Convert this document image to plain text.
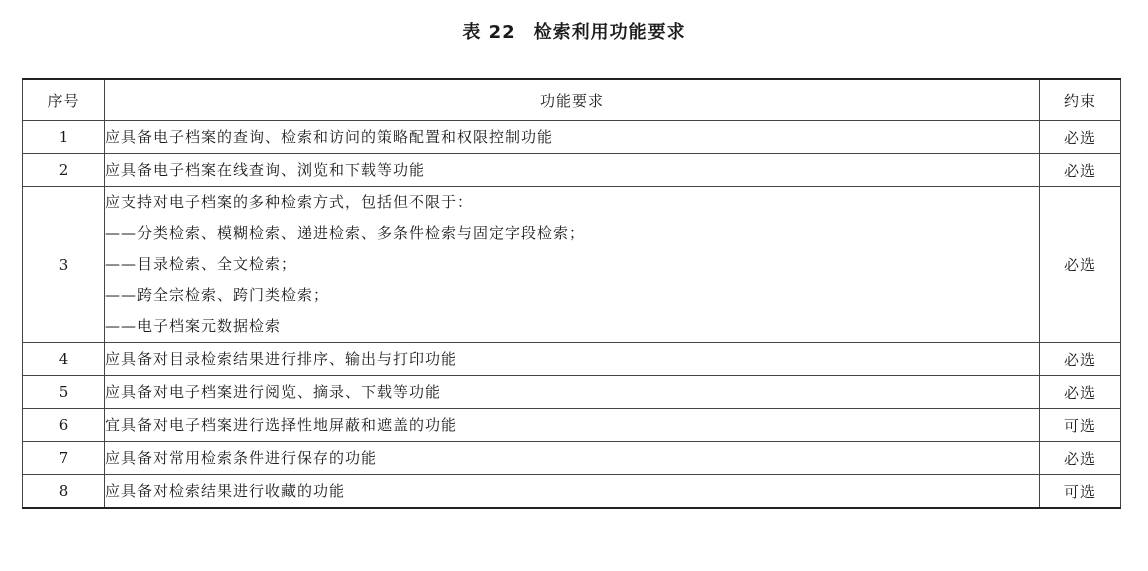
表 22 检索利用功能要求
序号	功能要求	约束
1	应具备电子档案的查询、检索和访问的策略配置和权限控制功能	必选
2	应具备电子档案在线查询、浏览和下载等功能	必选
3	应支持对电子档案的多种检索方式，包括但不限于：
——分类检索、模糊检索、递进检索、多条件检索与固定字段检索；
——目录检索、全文检索；
——跨全宗检索、跨门类检索；
——电子档案元数据检索	必选
4	应具备对目录检索结果进行排序、输出与打印功能	必选
5	应具备对电子档案进行阅览、摘录、下载等功能	必选
6	宜具备对电子档案进行选择性地屏蔽和遮盖的功能	可选
7	应具备对常用检索条件进行保存的功能	必选
8	应具备对检索结果进行收藏的功能	可选
